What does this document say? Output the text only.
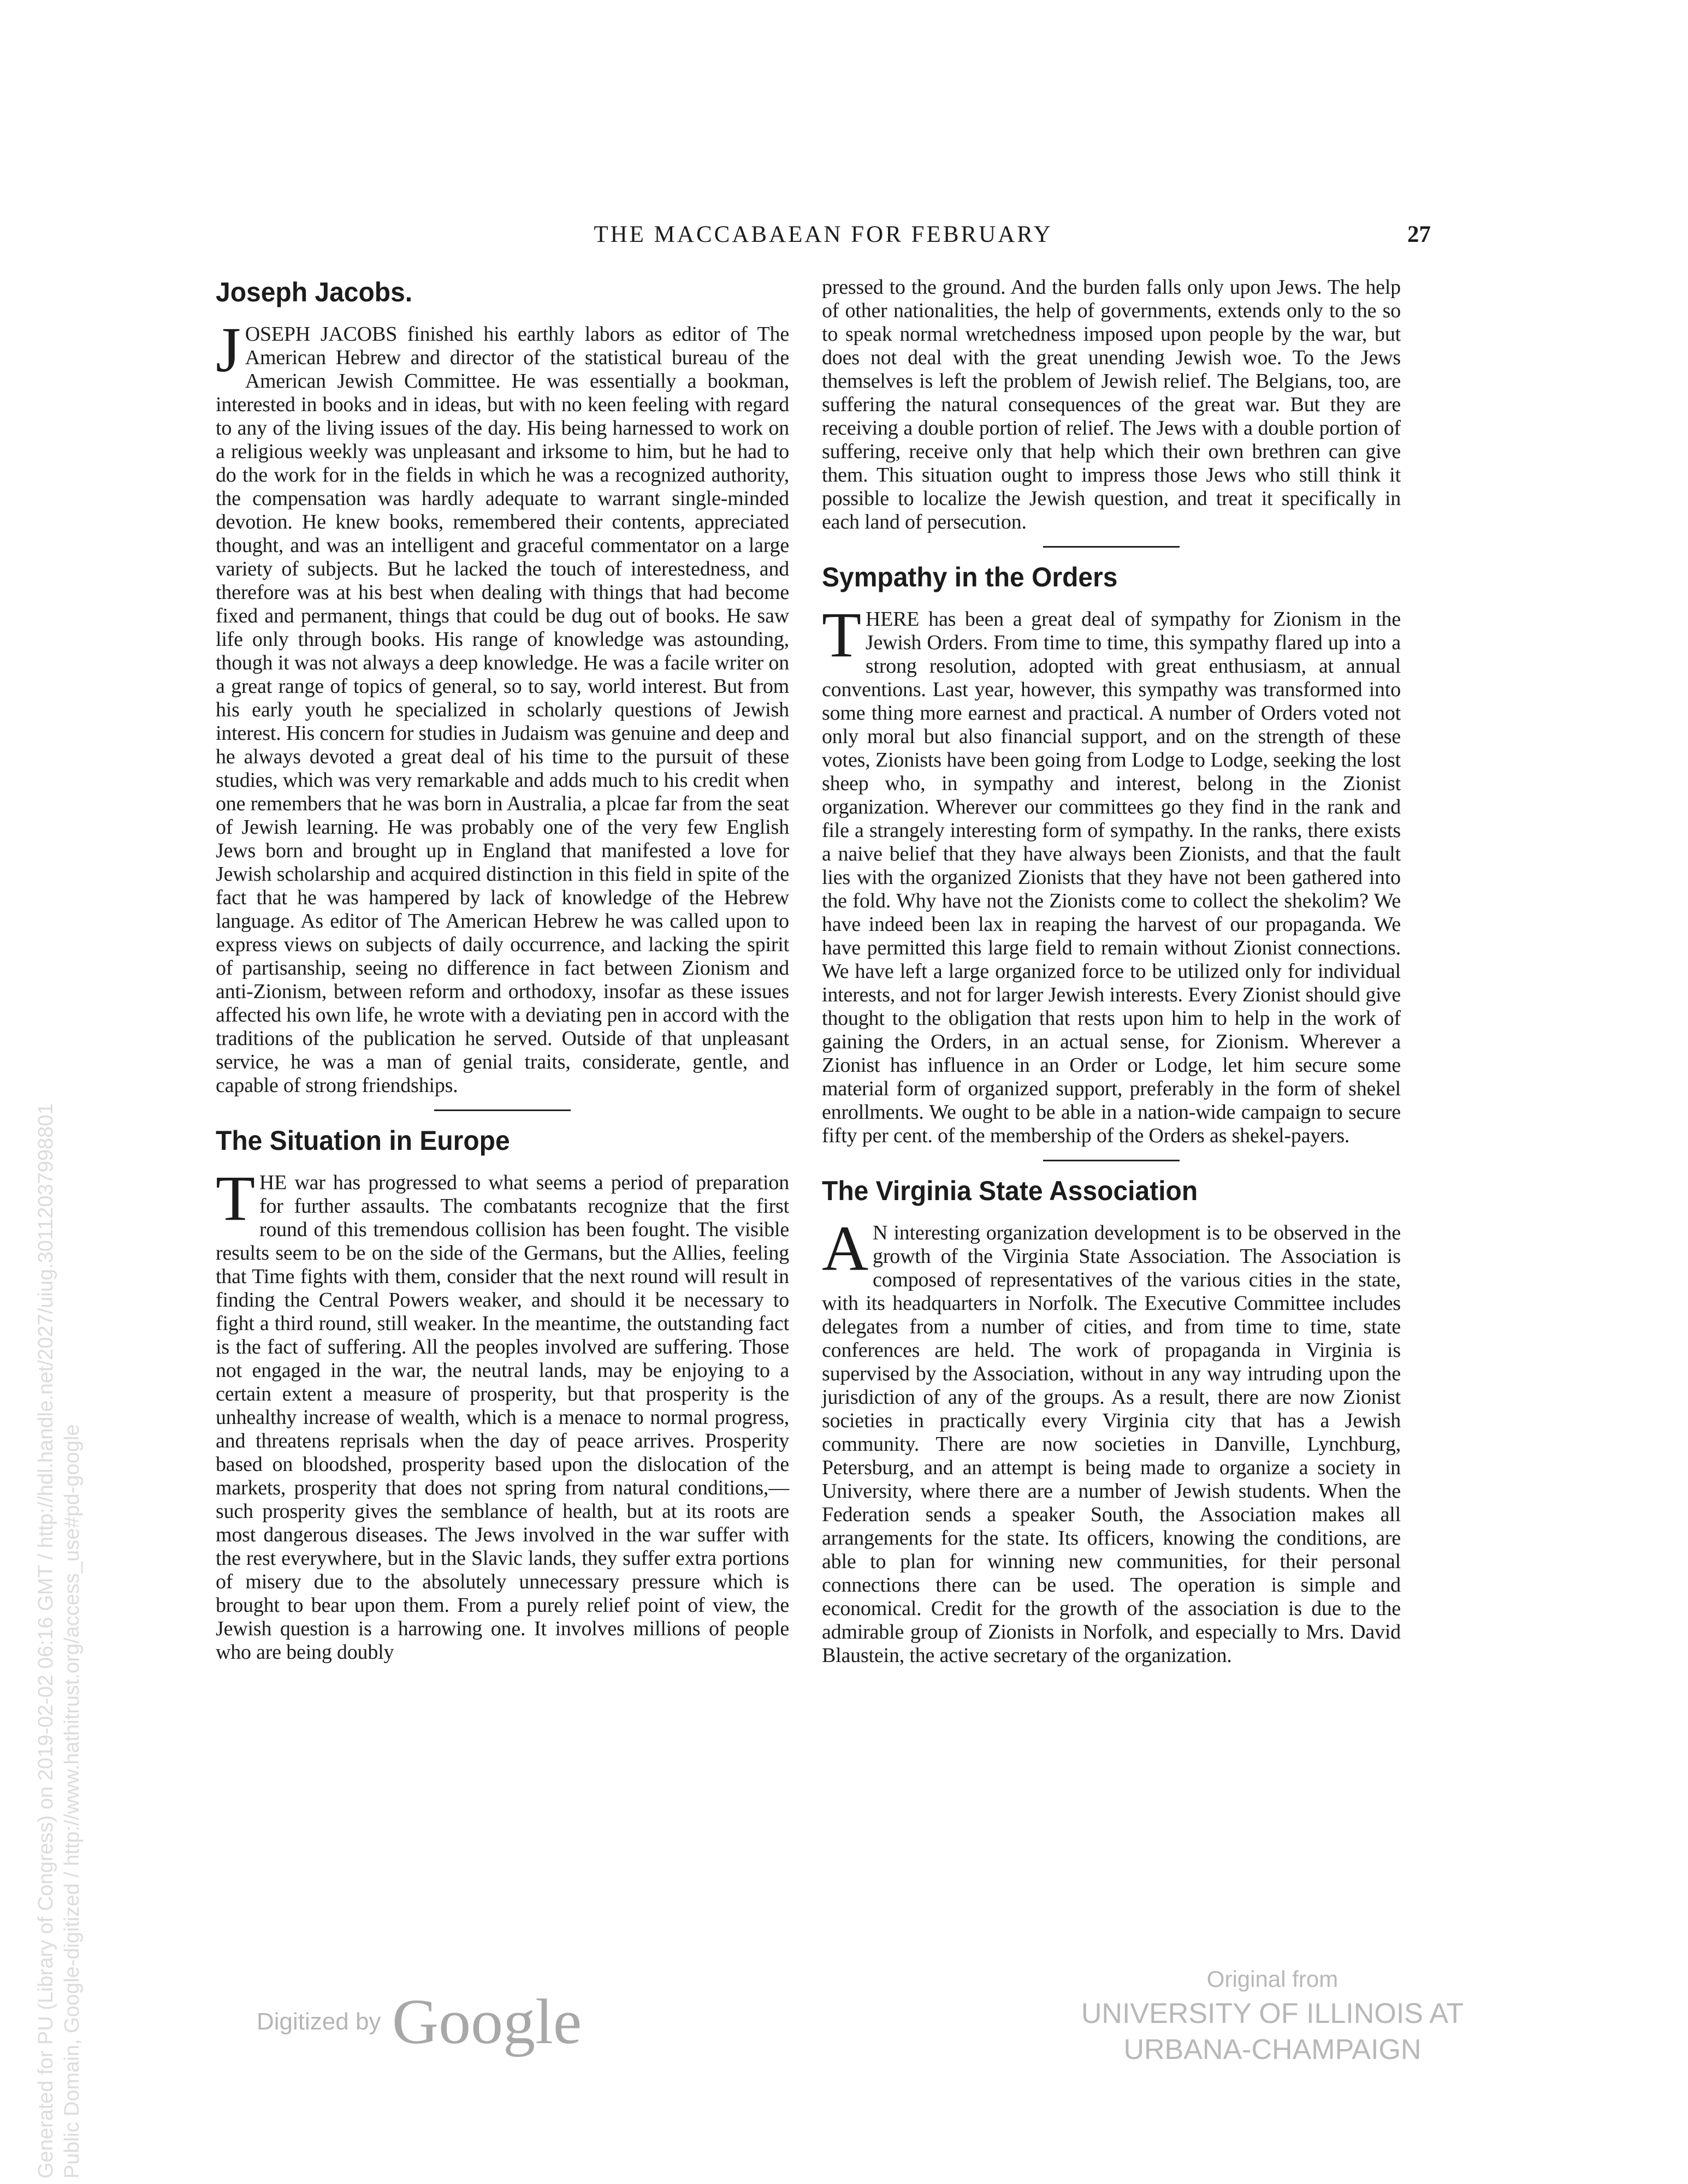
THE MACCABAEAN FOR FEBRUARY	27
Joseph Jacobs.

JOSEPH JACOBS finished his earthly labors as editor of The American Hebrew and director of the statistical bureau of the American Jewish Committee. He was essentially a bookman, interested in books and in ideas, but with no keen feeling with regard to any of the living issues of the day. His being harnessed to work on a religious weekly was unpleasant and irksome to him, but he had to do the work for in the fields in which he was a recognized authority, the compensation was hardly adequate to warrant single-minded devotion. He knew books, remembered their contents, appreciated thought, and was an intelligent and graceful commentator on a large variety of subjects. But he lacked the touch of interestedness, and therefore was at his best when dealing with things that had become fixed and permanent, things that could be dug out of books. He saw life only through books. His range of knowledge was astounding, though it was not always a deep knowledge. He was a facile writer on a great range of topics of general, so to say, world interest. But from his early youth he specialized in scholarly questions of Jewish interest. His concern for studies in Judaism was genuine and deep and he always devoted a great deal of his time to the pursuit of these studies, which was very remarkable and adds much to his credit when one remembers that he was born in Australia, a plcae far from the seat of Jewish learning. He was probably one of the very few English Jews born and brought up in England that manifested a love for Jewish scholarship and acquired distinction in this field in spite of the fact that he was hampered by lack of knowledge of the Hebrew language. As editor of The American Hebrew he was called upon to express views on subjects of daily occurrence, and lacking the spirit of partisanship, seeing no difference in fact between Zionism and anti-Zionism, between reform and orthodoxy, insofar as these issues affected his own life, he wrote with a deviating pen in accord with the traditions of the publication he served. Outside of that unpleasant service, he was a man of genial traits, considerate, gentle, and capable of strong friendships.

The Situation in Europe

THE war has progressed to what seems a period of preparation for further assaults. The combatants recognize that the first round of this tremendous collision has been fought. The visible results seem to be on the side of the Germans, but the Allies, feeling that Time fights with them, consider that the next round will result in finding the Central Powers weaker, and should it be necessary to fight a third round, still weaker. In the meantime, the outstanding fact is the fact of suffering. All the peoples involved are suffering. Those not engaged in the war, the neutral lands, may be enjoying to a certain extent a measure of prosperity, but that prosperity is the unhealthy increase of wealth, which is a menace to normal progress, and threatens reprisals when the day of peace arrives. Prosperity based on bloodshed, prosperity based upon the dislocation of the markets, prosperity that does not spring from natural conditions,—such prosperity gives the semblance of health, but at its roots are most dangerous diseases. The Jews involved in the war suffer with the rest everywhere, but in the Slavic lands, they suffer extra portions of misery due to the absolutely unnecessary pressure which is brought to bear upon them. From a purely relief point of view, the Jewish question is a harrowing one. It involves millions of people who are being doubly

pressed to the ground. And the burden falls only upon Jews. The help of other nationalities, the help of governments, extends only to the so to speak normal wretchedness imposed upon people by the war, but does not deal with the great unending Jewish woe. To the Jews themselves is left the problem of Jewish relief. The Belgians, too, are suffering the natural consequences of the great war. But they are receiving a double portion of relief. The Jews with a double portion of suffering, receive only that help which their own brethren can give them. This situation ought to impress those Jews who still think it possible to localize the Jewish question, and treat it specifically in each land of persecution.

Sympathy in the Orders

THERE has been a great deal of sympathy for Zionism in the Jewish Orders. From time to time, this sympathy flared up into a strong resolution, adopted with great enthusiasm, at annual conventions. Last year, however, this sympathy was transformed into some thing more earnest and practical. A number of Orders voted not only moral but also financial support, and on the strength of these votes, Zionists have been going from Lodge to Lodge, seeking the lost sheep who, in sympathy and interest, belong in the Zionist organization. Wherever our committees go they find in the rank and file a strangely interesting form of sympathy. In the ranks, there exists a naive belief that they have always been Zionists, and that the fault lies with the organized Zionists that they have not been gathered into the fold. Why have not the Zionists come to collect the shekolim? We have indeed been lax in reaping the harvest of our propaganda. We have permitted this large field to remain without Zionist connections. We have left a large organized force to be utilized only for individual interests, and not for larger Jewish interests. Every Zionist should give thought to the obligation that rests upon him to help in the work of gaining the Orders, in an actual sense, for Zionism. Wherever a Zionist has influence in an Order or Lodge, let him secure some material form of organized support, preferably in the form of shekel enrollments. We ought to be able in a nation-wide campaign to secure fifty per cent. of the membership of the Orders as shekel-payers.

The Virginia State Association

A N interesting organization development is to be observed in the growth of the Virginia State Association. The Association is composed of representatives of the various cities in the state, with its headquarters in Norfolk. The Executive Committee includes delegates from a number of cities, and from time to time, state conferences are held. The work of propaganda in Virginia is supervised by the Association, without in any way intruding upon the jurisdiction of any of the groups. As a result, there are now Zionist societies in practically every Virginia city that has a Jewish community. There are now societies in Danville, Lynchburg, Petersburg, and an attempt is being made to organize a society in University, where there are a number of Jewish students. When the Federation sends a speaker South, the Association makes all arrangements for the state. Its officers, knowing the conditions, are able to plan for winning new communities, for their personal connections there can be used. The operation is simple and economical. Credit for the growth of the association is due to the admirable group of Zionists in Norfolk, and especially to Mrs. David Blaustein, the active secretary of the organization.

Generated for PU (Library of Congress) on 2019-02-02 06:16 GMT / http://hdl.handle.net/2027/uiug.30112037998801 Public Domain, Google-digitized / http://www.hathitrust.org/access_use#pd-google	Digitized by Google
Original from
UNIVERSITY OF ILLINOIS AT
URBANA-CHAMPAIGN
